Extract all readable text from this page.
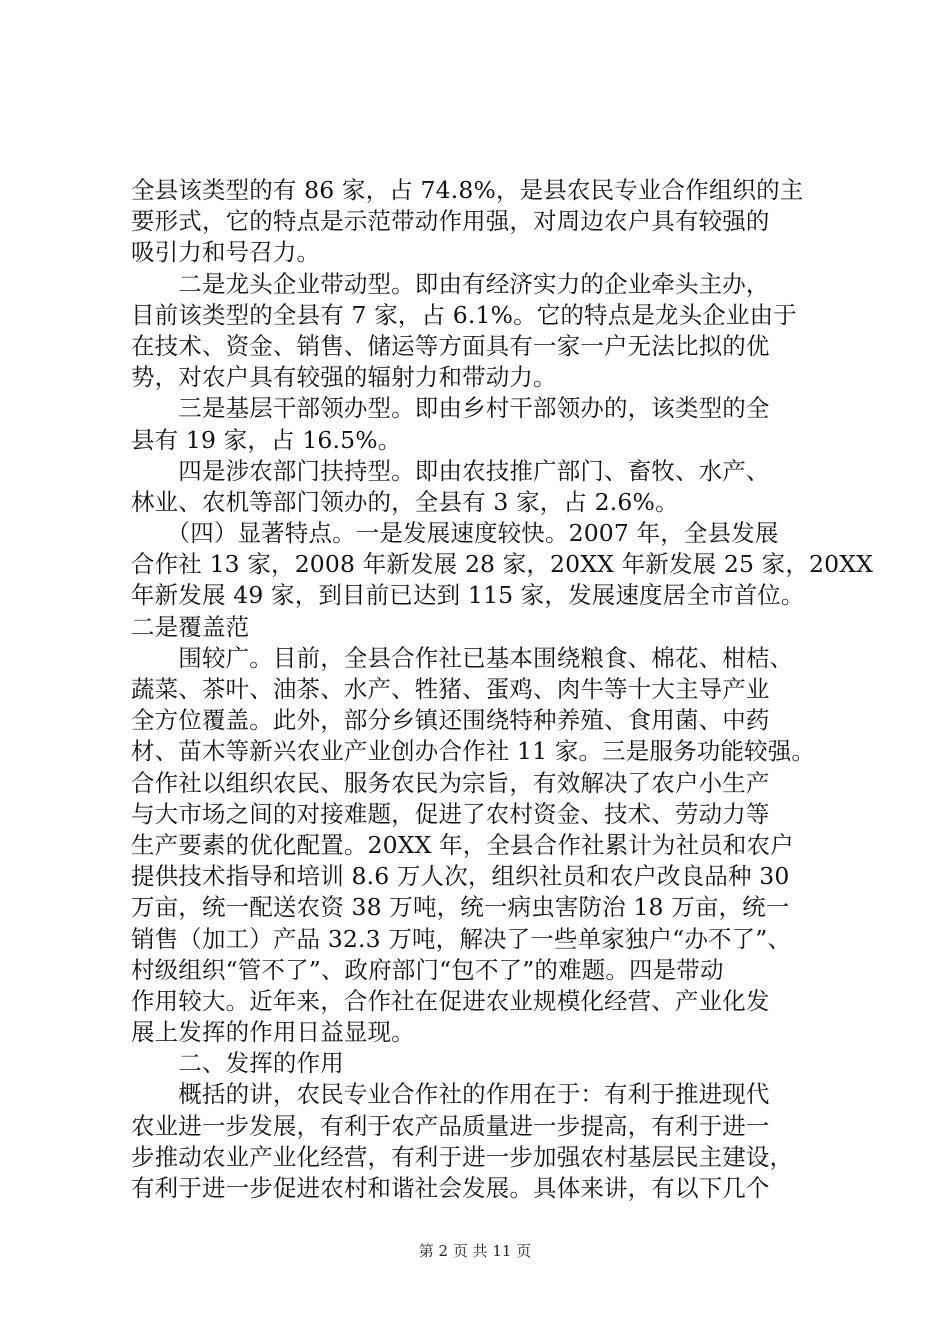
全县该类型的有 86 家，占 74.8%，是县农民专业合作组织的主
要形式，它的特点是示范带动作用强，对周边农户具有较强的
吸引力和号召力。
　　二是龙头企业带动型。即由有经济实力的企业牵头主办，
目前该类型的全县有 7 家，占 6.1%。它的特点是龙头企业由于
在技术、资金、销售、储运等方面具有一家一户无法比拟的优
势，对农户具有较强的辐射力和带动力。
　　三是基层干部领办型。即由乡村干部领办的，该类型的全
县有 19 家，占 16.5%。
　　四是涉农部门扶持型。即由农技推广部门、畜牧、水产、
林业、农机等部门领办的，全县有 3 家，占 2.6%。
　　（四）显著特点。一是发展速度较快。2007 年，全县发展
合作社 13 家，2008 年新发展 28 家，20XX 年新发展 25 家，20XX
年新发展 49 家，到目前已达到 115 家，发展速度居全市首位。
二是覆盖范
　　围较广。目前，全县合作社已基本围绕粮食、棉花、柑桔、
蔬菜、茶叶、油茶、水产、牲猪、蛋鸡、肉牛等十大主导产业
全方位覆盖。此外，部分乡镇还围绕特种养殖、食用菌、中药
材、苗木等新兴农业产业创办合作社 11 家。三是服务功能较强。
合作社以组织农民、服务农民为宗旨，有效解决了农户小生产
与大市场之间的对接难题，促进了农村资金、技术、劳动力等
生产要素的优化配置。20XX 年，全县合作社累计为社员和农户
提供技术指导和培训 8.6 万人次，组织社员和农户改良品种 30
万亩，统一配送农资 38 万吨，统一病虫害防治 18 万亩，统一
销售（加工）产品 32.3 万吨，解决了一些单家独户“办不了”、
村级组织“管不了”、政府部门“包不了”的难题。四是带动
作用较大。近年来，合作社在促进农业规模化经营、产业化发
展上发挥的作用日益显现。
　　二、发挥的作用
　　概括的讲，农民专业合作社的作用在于：有利于推进现代
农业进一步发展，有利于农产品质量进一步提高，有利于进一
步推动农业产业化经营，有利于进一步加强农村基层民主建设，
有利于进一步促进农村和谐社会发展。具体来讲，有以下几个
第 2 页 共 11 页
